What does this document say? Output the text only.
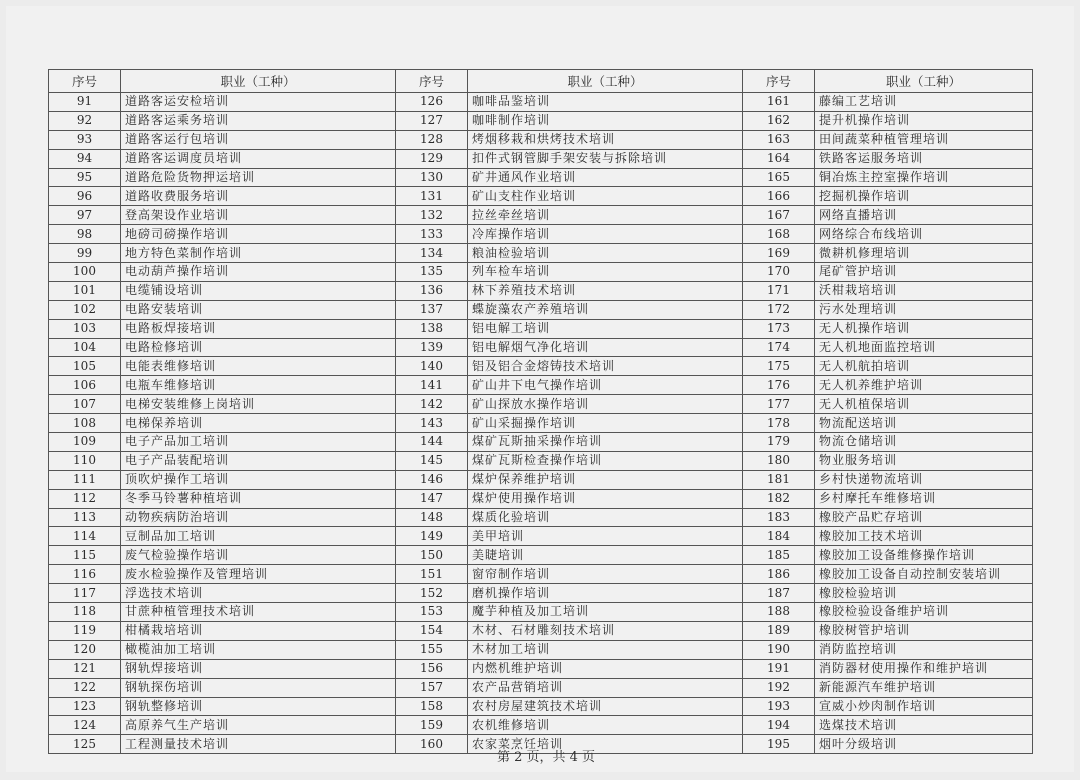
序号	职业（工种）	序号	职业（工种）	序号	职业（工种）
91	道路客运安检培训	126	咖啡品鉴培训	161	藤编工艺培训
92	道路客运乘务培训	127	咖啡制作培训	162	提升机操作培训
93	道路客运行包培训	128	烤烟移栽和烘烤技术培训	163	田间蔬菜种植管理培训
94	道路客运调度员培训	129	扣件式钢管脚手架安装与拆除培训	164	铁路客运服务培训
95	道路危险货物押运培训	130	矿井通风作业培训	165	铜冶炼主控室操作培训
96	道路收费服务培训	131	矿山支柱作业培训	166	挖掘机操作培训
97	登高架设作业培训	132	拉丝牵丝培训	167	网络直播培训
98	地磅司磅操作培训	133	冷库操作培训	168	网络综合布线培训
99	地方特色菜制作培训	134	粮油检验培训	169	微耕机修理培训
100	电动葫芦操作培训	135	列车检车培训	170	尾矿管护培训
101	电缆铺设培训	136	林下养殖技术培训	171	沃柑栽培培训
102	电路安装培训	137	蝶旋藻农产养殖培训	172	污水处理培训
103	电路板焊接培训	138	铝电解工培训	173	无人机操作培训
104	电路检修培训	139	铝电解烟气净化培训	174	无人机地面监控培训
105	电能表维修培训	140	铝及铝合金熔铸技术培训	175	无人机航拍培训
106	电瓶车维修培训	141	矿山井下电气操作培训	176	无人机养维护培训
107	电梯安装维修上岗培训	142	矿山探放水操作培训	177	无人机植保培训
108	电梯保养培训	143	矿山采掘操作培训	178	物流配送培训
109	电子产品加工培训	144	煤矿瓦斯抽采操作培训	179	物流仓储培训
110	电子产品装配培训	145	煤矿瓦斯检查操作培训	180	物业服务培训
111	顶吹炉操作工培训	146	煤炉保养维护培训	181	乡村快递物流培训
112	冬季马铃薯种植培训	147	煤炉使用操作培训	182	乡村摩托车维修培训
113	动物疾病防治培训	148	煤质化验培训	183	橡胶产品贮存培训
114	豆制品加工培训	149	美甲培训	184	橡胶加工技术培训
115	废气检验操作培训	150	美睫培训	185	橡胶加工设备维修操作培训
116	废水检验操作及管理培训	151	窗帘制作培训	186	橡胶加工设备自动控制安装培训
117	浮选技术培训	152	磨机操作培训	187	橡胶检验培训
118	甘蔗种植管理技术培训	153	魔芋种植及加工培训	188	橡胶检验设备维护培训
119	柑橘栽培培训	154	木材、石材雕刻技术培训	189	橡胶树管护培训
120	橄榄油加工培训	155	木材加工培训	190	消防监控培训
121	钢轨焊接培训	156	内燃机维护培训	191	消防器材使用操作和维护培训
122	钢轨探伤培训	157	农产品营销培训	192	新能源汽车维护培训
123	钢轨整修培训	158	农村房屋建筑技术培训	193	宣威小炒肉制作培训
124	高原养气生产培训	159	农机维修培训	194	选煤技术培训
125	工程测量技术培训	160	农家菜烹饪培训	195	烟叶分级培训
第 2 页，共 4 页
